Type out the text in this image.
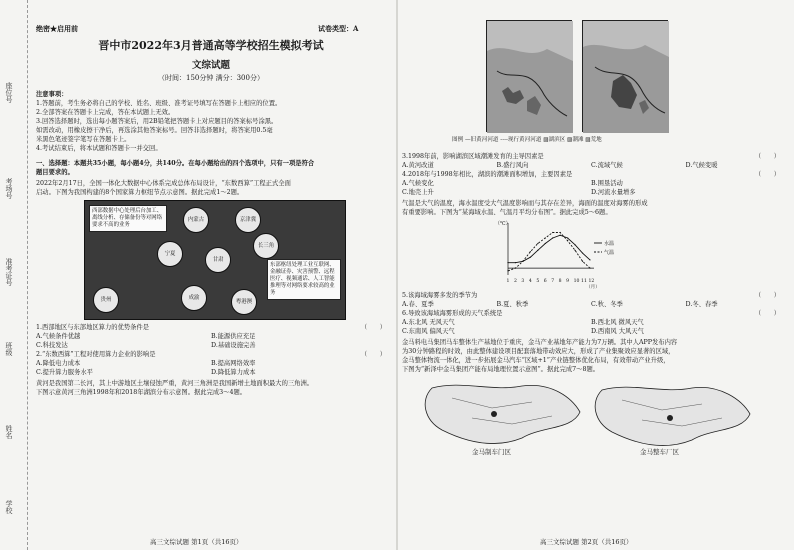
座位号
考场号
准考证号
班级
姓名
学校
绝密★启用前	试卷类型：A
晋中市2022年3月普通高等学校招生模拟考试
文综试题
（时间：150分钟 满分：300分）
注意事项：
1.答题前，考生务必将自己的学校、姓名、班级、准考证号填写在答题卡上相应的位置。
2.全部答案在答题卡上完成，答在本试题上无效。
3.回答选择题时，选出每小题答案后，用2B铅笔把答题卡上对应题目的答案标号涂黑。
如需改动，用橡皮擦干净后，再选涂其他答案标号。回答非选择题时，将答案用0.5毫
米黑色笔迹签字笔写在答题卡上。
4.考试结束后，将本试题和答题卡一并交回。
一、选择题：本题共35小题，每小题4分，共140分。在每小题给出的四个选项中，只有一项是符合
题目要求的。
2022年2月17日，全国一体化大数据中心体系完成总体布局设计，“东数西算”工程正式全面
启动。下图为我国构建的8个国家算力枢纽节点示意图。据此完成1～2题。
西部数据中心处理后台加工、离线分析、存储备份等对网络要求不高的业务
东部枢纽处理工业互联网、金融证券、灾害预警、远程医疗、视频通话、人工智能推理等对网络要求较高的业务
内蒙古	京津冀
宁夏
甘肃
长三角
成渝
贵州	粤港澳
1.西部地区与东部地区算力的优势条件是	（　　）
A.气候条件优越	B.能源供应充足
C.科技发达	D.基础设施完善
2.“东数西算”工程对使用算力企业的影响是	（　　）
A.降低电力成本	B.提高网络效率
C.提升算力服务水平	D.降低算力成本
黄河是我国第二长河，其上中游地区土壤侵蚀严重，黄河三角洲是我国新增土地面积最大的三角洲。
下图示意黄河三角洲1998年和2018年湖滨分布示意图。据此完成3～4题。
图例 —旧黄河河道 ----现行黄河河道 ▨湖滨区 ▨潮滩 ▨荒地
3.1998年前，影响湖滨区域潮滩发育的主导因素是	（　　）
A.黄河改道	B.盛行风向	C.流域气候	D.气候变暖
4.2018年与1998年相比，湖滨的潮滩面积增加，主要因素是	（　　）
A.气候变化	B.围垦活动
C.地壳上升	D.河流水量增多
气温是大气的温度，海水温度受大气温度影响而与其存在差异，海面的温度对海雾的形成
有重要影响。下图为“某海域水温、气温月平均分布图”。据此完成5～6题。
（℃）
1 2 3 4 5 6 7 8 9 10 11 12
（月）
水温
气温
5.该海域海雾多发的季节为	（　　）
A.春、夏季	B.夏、秋季	C.秋、冬季	D.冬、春季
6.导致该海域海雾形成的天气系统是	（　　）
A.东北风 无风天气	B.西北风 微风天气
C.东南风 偏风天气	D.西南风 大风天气
金马料电马集团马车整体生产基地位于重庆，金马产业基地年产能力为7万辆。其中人APP发布内容
为30分钟路程的时效，由此整体建设项目配套落地带动效应大，形成了产业集聚效应显著的区域，
金马整体物流一体化，进一步拓展金马汽车“区域+1”产业链整体优化布局，有效带动产业升级，
下图为“新泽中金马集团产能布局地理位置示意图”。据此完成7～8题。
金马制车门区	金马整车厂区
高三文综试题 第1页（共16页）	高三文综试题 第2页（共16页）
